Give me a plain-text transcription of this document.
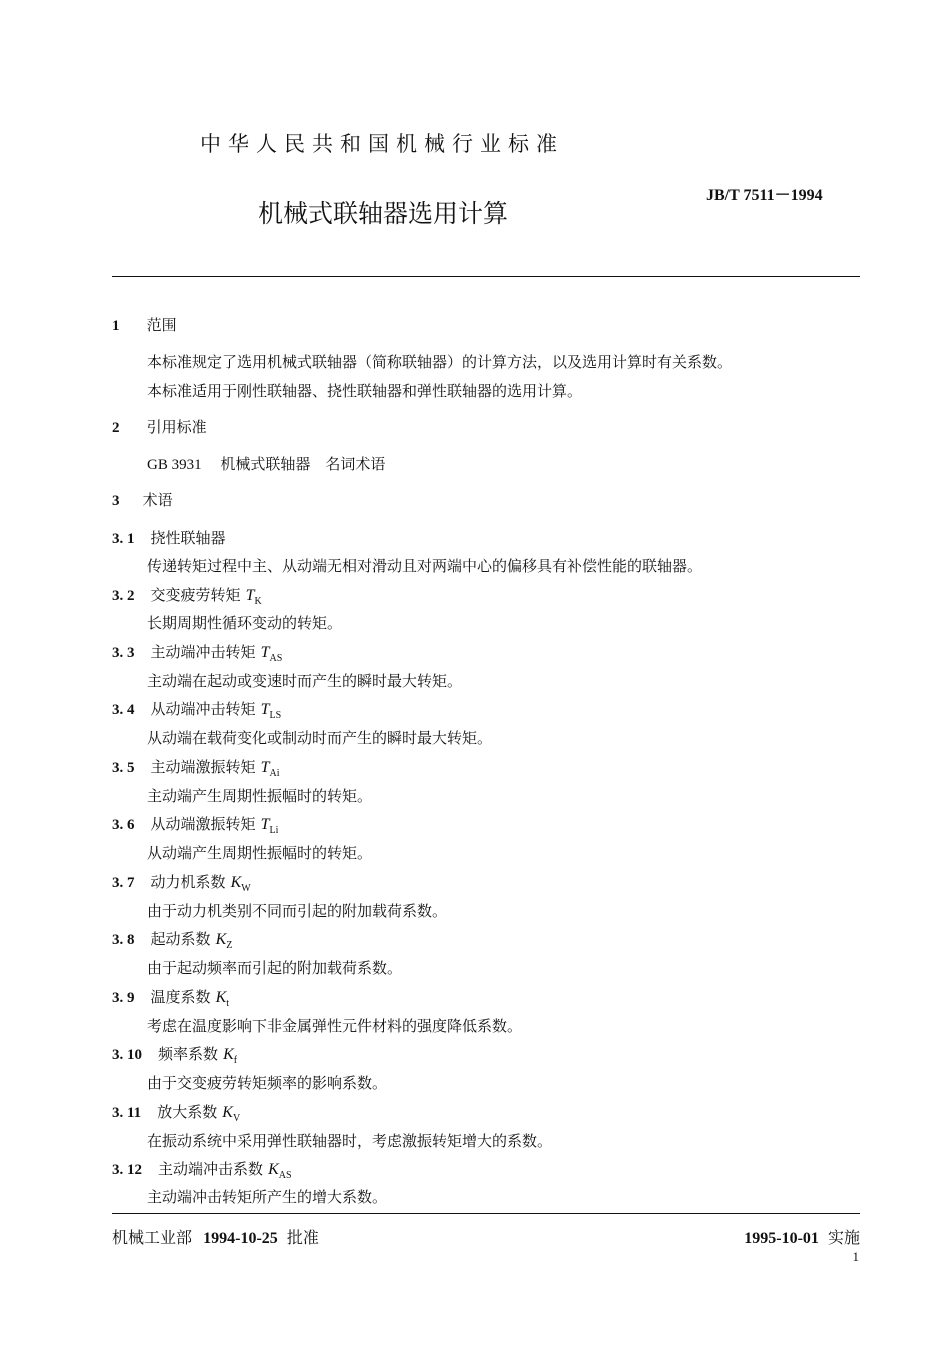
中华人民共和国机械行业标准
机械式联轴器选用计算
JB/T 7511－1994
1 范围
本标准规定了选用机械式联轴器（简称联轴器）的计算方法，以及选用计算时有关系数。
本标准适用于刚性联轴器、挠性联轴器和弹性联轴器的选用计算。
2 引用标准
GB 3931 机械式联轴器　名词术语
3 术语
3. 1 挠性联轴器
传递转矩过程中主、从动端无相对滑动且对两端中心的偏移具有补偿性能的联轴器。
3. 2 交变疲劳转矩 $T_K$
长期周期性循环变动的转矩。
3. 3 主动端冲击转矩 $T_{AS}$
主动端在起动或变速时而产生的瞬时最大转矩。
3. 4 从动端冲击转矩 $T_{LS}$
从动端在载荷变化或制动时而产生的瞬时最大转矩。
3. 5 主动端激振转矩 $T_{Ai}$
主动端产生周期性振幅时的转矩。
3. 6 从动端激振转矩 $T_{Li}$
从动端产生周期性振幅时的转矩。
3. 7 动力机系数 $K_W$
由于动力机类别不同而引起的附加载荷系数。
3. 8 起动系数 $K_Z$
由于起动频率而引起的附加载荷系数。
3. 9 温度系数 $K_t$
考虑在温度影响下非金属弹性元件材料的强度降低系数。
3. 10 频率系数 $K_f$
由于交变疲劳转矩频率的影响系数。
3. 11 放大系数 $K_V$
在振动系统中采用弹性联轴器时，考虑激振转矩增大的系数。
3. 12 主动端冲击系数 $K_{AS}$
主动端冲击转矩所产生的增大系数。
机械工业部 1994-10-25 批准	1995-10-01 实施
1
